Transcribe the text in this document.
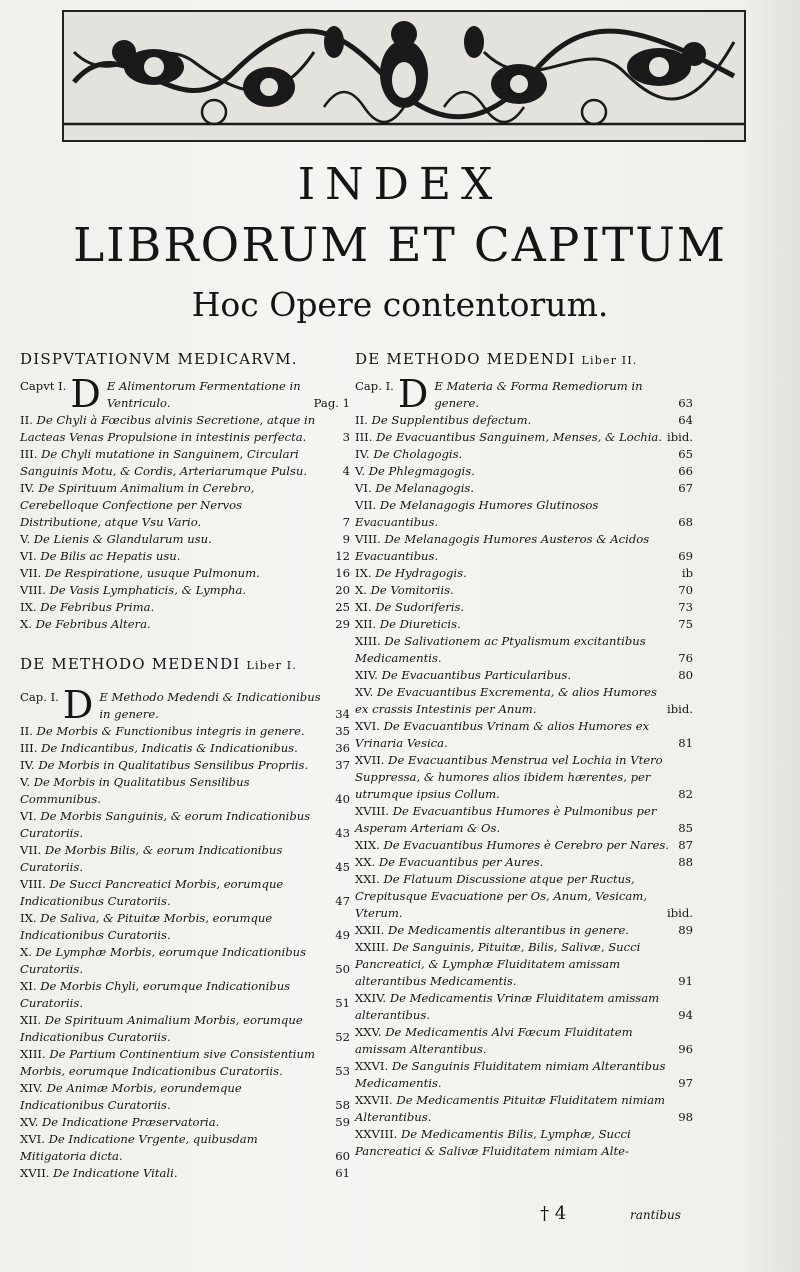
INDEX
LIBRORUM ET CAPITUM
Hoc Opere contentorum.
DISPVTATIONVM MEDICARVM.
Capvt I. D E Alimentorum Fermentatione in Ventriculo.	Pag. 1
II. De Chyli à Fœcibus alvinis Secretione, atque in Lacteas Venas Propulsione in intestinis perfecta.	3
III. De Chyli mutatione in Sanguinem, Circulari Sanguinis Motu, & Cordis, Arteriarumque Pulsu.	4
IV. De Spirituum Animalium in Cerebro, Cerebelloque Confectione per Nervos Distributione, atque Vsu Vario.	7
V. De Lienis & Glandularum usu.	9
VI. De Bilis ac Hepatis usu.	12
VII. De Respiratione, usuque Pulmonum.	16
VIII. De Vasis Lymphaticis, & Lympha.	20
IX. De Febribus Prima.	25
X. De Febribus Altera.	29
DE METHODO MEDENDI Liber I.
Cap. I. D E Methodo Medendi & Indicationibus in genere.	34
II. De Morbis & Functionibus integris in genere.	35
III. De Indicantibus, Indicatis & Indicationibus.	36
IV. De Morbis in Qualitatibus Sensilibus Propriis. 37
V. De Morbis in Qualitatibus Sensilibus Communibus.	40
VI. De Morbis Sanguinis, & eorum Indicationibus Curatoriis.	43
VII. De Morbis Bilis, & eorum Indicationibus Curatoriis.	45
VIII. De Succi Pancreatici Morbis, eorumque Indicationibus Curatoriis.	47
IX. De Saliva, & Pituitæ Morbis, eorumque Indicationibus Curatoriis.	49
X. De Lymphæ Morbis, eorumque Indicationibus Curatoriis.	50
XI. De Morbis Chyli, eorumque Indicationibus Curatoriis.	51
XII. De Spirituum Animalium Morbis, eorumque Indicationibus Curatoriis.	52
XIII. De Partium Continentium sive Consistentium Morbis, eorumque Indicationibus Curatoriis.	53
XIV. De Animæ Morbis, eorundemque Indicationibus Curatoriis.	58
XV. De Indicatione Præservatoria.	59
XVI. De Indicatione Vrgente, quibusdam Mitigatoria dicta.	60
XVII. De Indicatione Vitali.	61
DE METHODO MEDENDI Liber II.
Cap. I. D E Materia & Forma Remediorum in genere.	63
II. De Supplentibus defectum.	64
III. De Evacuantibus Sanguinem, Menses, & Lochia. ibid.
IV. De Cholagogis.	65
V. De Phlegmagogis.	66
VI. De Melanagogis.	67
VII. De Melanagogis Humores Glutinosos Evacuantibus.	68
VIII. De Melanagogis Humores Austeros & Acidos Evacuantibus.	69
IX. De Hydragogis.	ib
X. De Vomitoriis.	70
XI. De Sudoriferis.	73
XII. De Diureticis.	75
XIII. De Salivationem ac Ptyalismum excitantibus Medicamentis.	76
XIV. De Evacuantibus Particularibus.	80
XV. De Evacuantibus Excrementa, & alios Humores ex crassis Intestinis per Anum.	ibid.
XVI. De Evacuantibus Vrinam & alios Humores ex Vrinaria Vesica.	81
XVII. De Evacuantibus Menstrua vel Lochia in Vtero Suppressa, & humores alios ibidem hærentes, per utrumque ipsius Collum.	82
XVIII. De Evacuantibus Humores è Pulmonibus per Asperam Arteriam & Os.	85
XIX. De Evacuantibus Humores è Cerebro per Nares. 87
XX. De Evacuantibus per Aures.	88
XXI. De Flatuum Discussione atque per Ructus, Crepitusque Evacuatione per Os, Anum, Vesicam, Vterum.	ibid.
XXII. De Medicamentis alterantibus in genere.	89
XXIII. De Sanguinis, Pituitæ, Bilis, Salivæ, Succi Pancreatici, & Lymphæ Fluiditatem amissam alterantibus Medicamentis.	91
XXIV. De Medicamentis Vrinæ Fluiditatem amissam alterantibus.	94
XXV. De Medicamentis Alvi Fæcum Fluiditatem amissam Alterantibus.	96
XXVI. De Sanguinis Fluiditatem nimiam Alterantibus Medicamentis.	97
XXVII. De Medicamentis Pituitæ Fluiditatem nimiam Alterantibus.	98
XXVIII. De Medicamentis Bilis, Lymphæ, Succi Pancreatici & Salivæ Fluiditatem nimiam Alte-
† 4	rantibus
